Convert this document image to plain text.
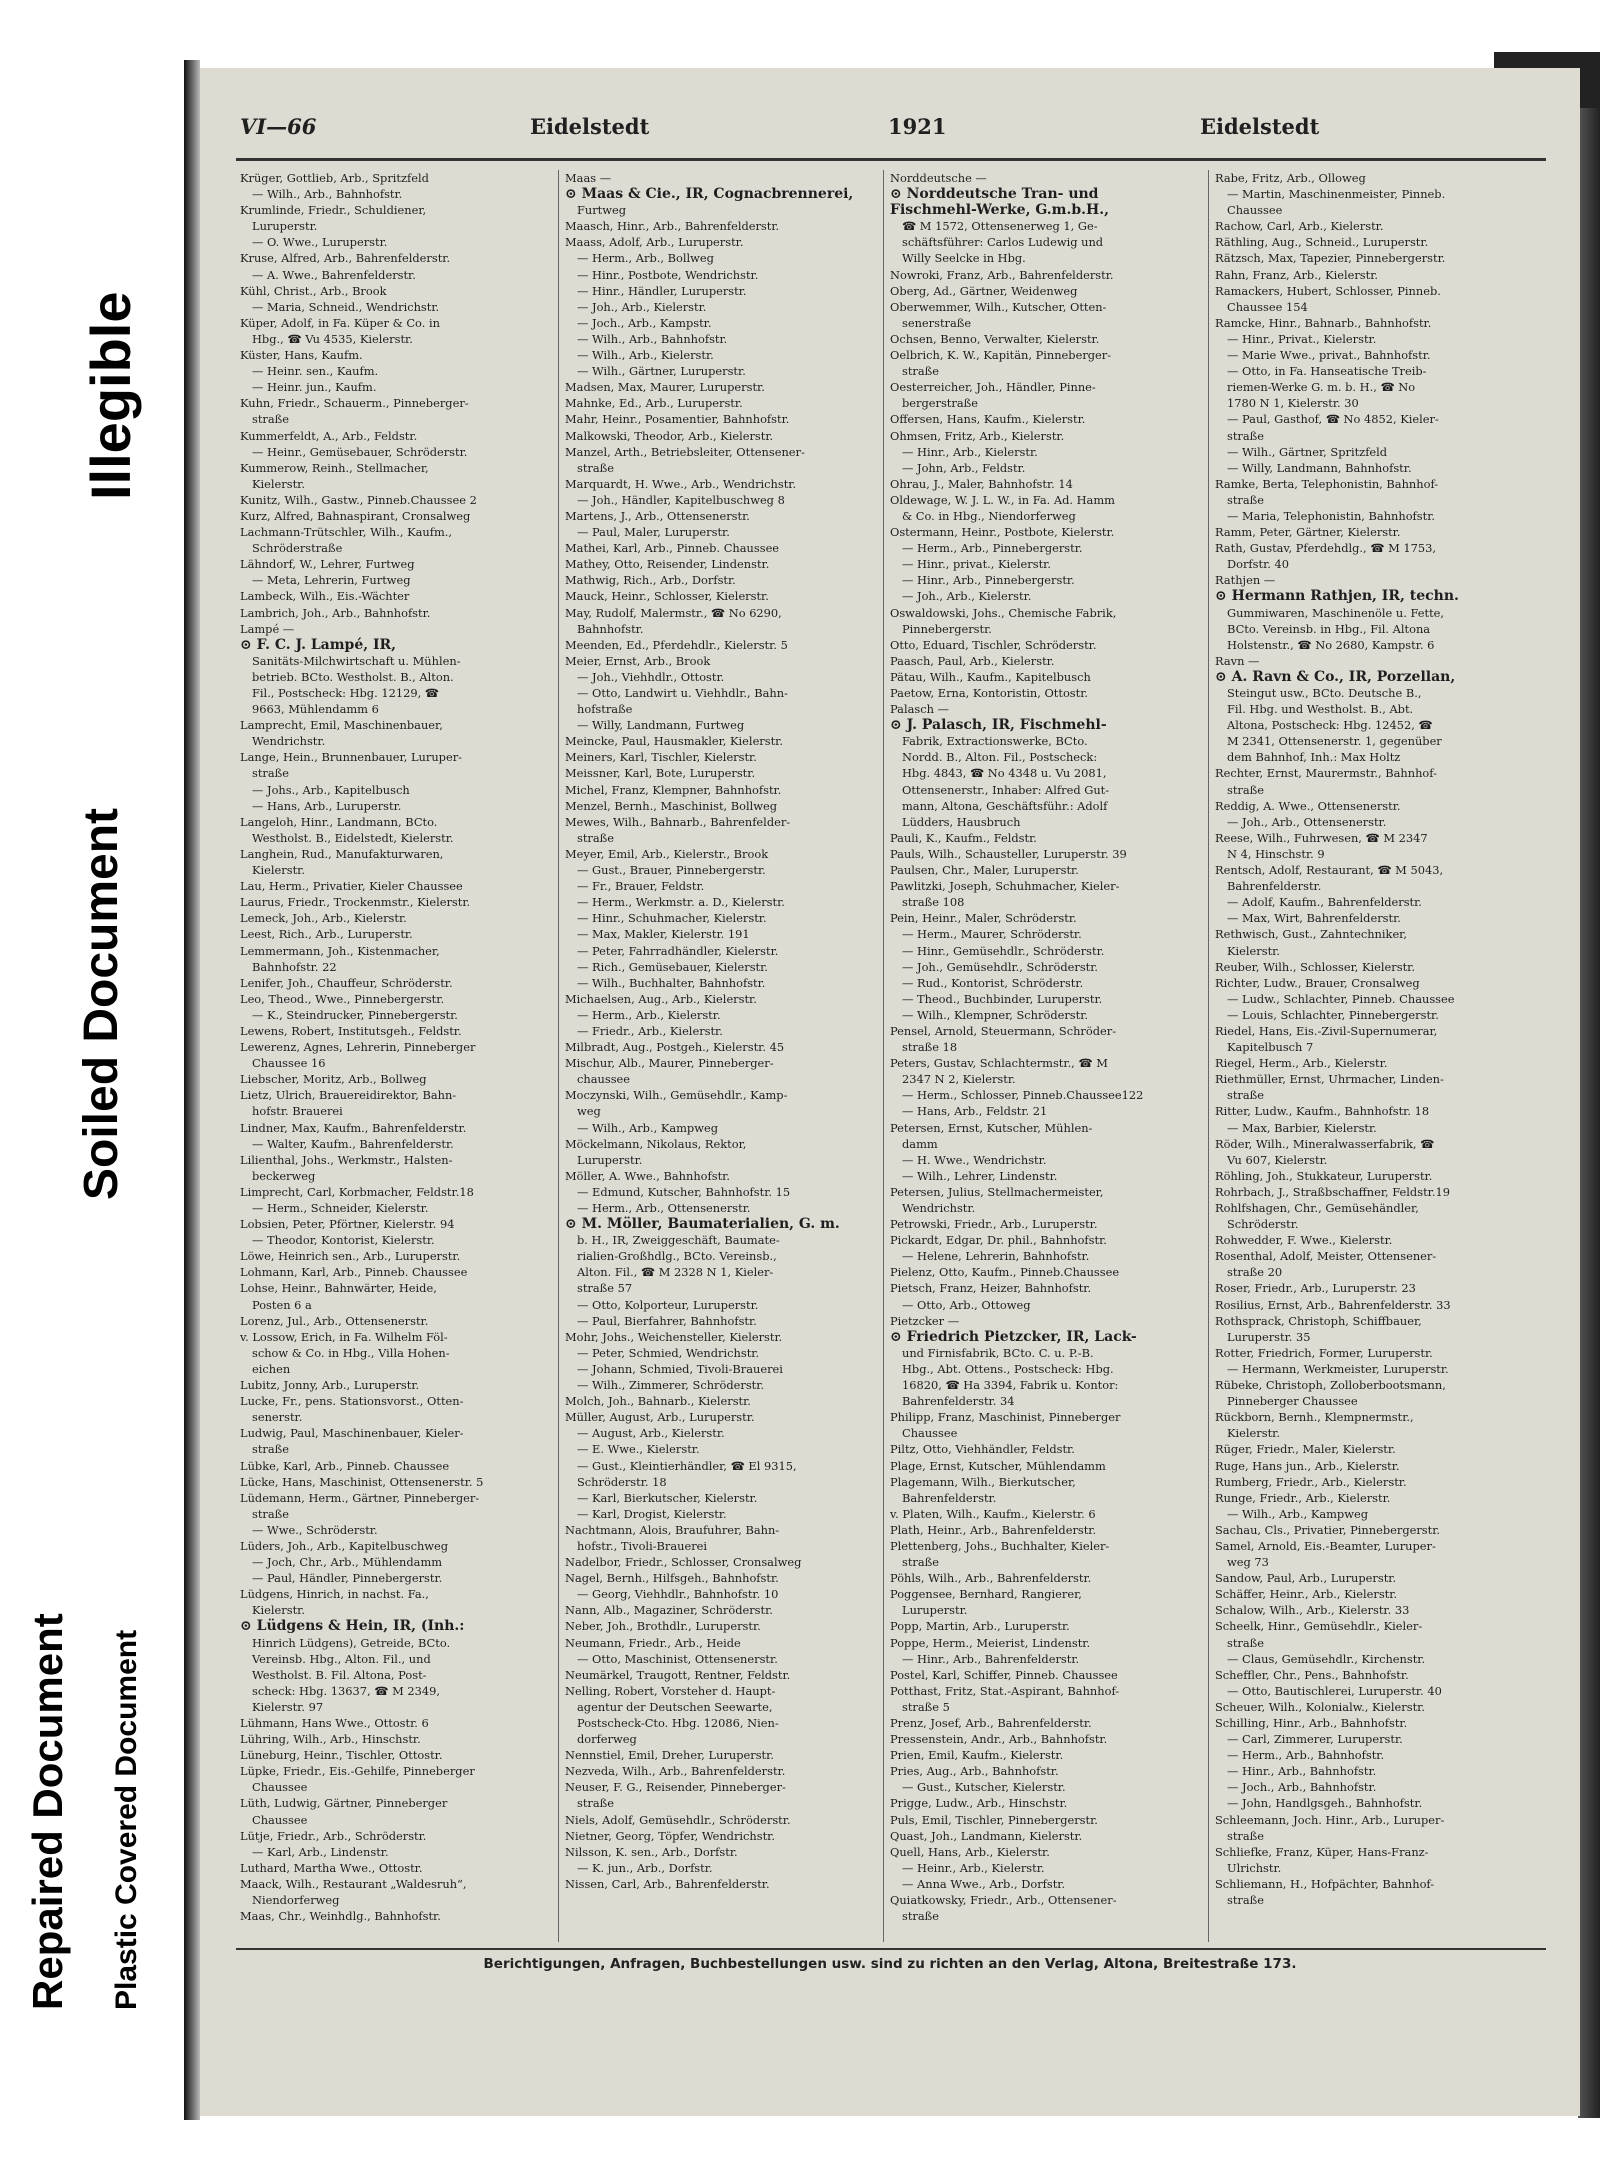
Illegible
Soiled Document
Repaired Document Plastic Covered Document
VI—66	Eidelstedt	1921	Eidelstedt
Krüger, Gottlieb, Arb., Spritzfeld
— Wilh., Arb., Bahnhofstr.
Krumlinde, Friedr., Schuldiener,
Luruperstr.
— O. Wwe., Luruperstr.
Kruse, Alfred, Arb., Bahrenfelderstr.
— A. Wwe., Bahrenfelderstr.
Kühl, Christ., Arb., Brook
— Maria, Schneid., Wendrichstr.
Küper, Adolf, in Fa. Küper & Co. in
Hbg., ☎ Vu 4535, Kielerstr.
Küster, Hans, Kaufm.
— Heinr. sen., Kaufm.
— Heinr. jun., Kaufm.
Kuhn, Friedr., Schauerm., Pinneberger-
straße
Kummerfeldt, A., Arb., Feldstr.
— Heinr., Gemüsebauer, Schröderstr.
Kummerow, Reinh., Stellmacher,
Kielerstr.
Kunitz, Wilh., Gastw., Pinneb.Chaussee 2
Kurz, Alfred, Bahnaspirant, Cronsalweg
Lachmann-Trütschler, Wilh., Kaufm.,
Schröderstraße
Lähndorf, W., Lehrer, Furtweg
— Meta, Lehrerin, Furtweg
Lambeck, Wilh., Eis.-Wächter
Lambrich, Joh., Arb., Bahnhofstr.
Lampé —
⊙ F. C. J. Lampé, IR,
Sanitäts-Milchwirtschaft u. Mühlen-
betrieb. BCto. Westholst. B., Alton.
Fil., Postscheck: Hbg. 12129, ☎
9663, Mühlendamm 6
Lamprecht, Emil, Maschinenbauer,
Wendrichstr.
Lange, Hein., Brunnenbauer, Luruper-
straße
— Johs., Arb., Kapitelbusch
— Hans, Arb., Luruperstr.
Langeloh, Hinr., Landmann, BCto.
Westholst. B., Eidelstedt, Kielerstr.
Langhein, Rud., Manufakturwaren,
Kielerstr.
Lau, Herm., Privatier, Kieler Chaussee
Laurus, Friedr., Trockenmstr., Kielerstr.
Lemeck, Joh., Arb., Kielerstr.
Leest, Rich., Arb., Luruperstr.
Lemmermann, Joh., Kistenmacher,
Bahnhofstr. 22
Lenifer, Joh., Chauffeur, Schröderstr.
Leo, Theod., Wwe., Pinnebergerstr.
— K., Steindrucker, Pinnebergerstr.
Lewens, Robert, Institutsgeh., Feldstr.
Lewerenz, Agnes, Lehrerin, Pinneberger
Chaussee 16
Liebscher, Moritz, Arb., Bollweg
Lietz, Ulrich, Brauereidirektor, Bahn-
hofstr. Brauerei
Lindner, Max, Kaufm., Bahrenfelderstr.
— Walter, Kaufm., Bahrenfelderstr.
Lilienthal, Johs., Werkmstr., Halsten-
beckerweg
Limprecht, Carl, Korbmacher, Feldstr.18
— Herm., Schneider, Kielerstr.
Lobsien, Peter, Pförtner, Kielerstr. 94
— Theodor, Kontorist, Kielerstr.
Löwe, Heinrich sen., Arb., Luruperstr.
Lohmann, Karl, Arb., Pinneb. Chaussee
Lohse, Heinr., Bahnwärter, Heide,
Posten 6 a
Lorenz, Jul., Arb., Ottensenerstr.
v. Lossow, Erich, in Fa. Wilhelm Föl-
schow & Co. in Hbg., Villa Hohen-
eichen
Lubitz, Jonny, Arb., Luruperstr.
Lucke, Fr., pens. Stationsvorst., Otten-
senerstr.
Ludwig, Paul, Maschinenbauer, Kieler-
straße
Lübke, Karl, Arb., Pinneb. Chaussee
Lücke, Hans, Maschinist, Ottensenerstr. 5
Lüdemann, Herm., Gärtner, Pinneberger-
straße
— Wwe., Schröderstr.
Lüders, Joh., Arb., Kapitelbuschweg
— Joch, Chr., Arb., Mühlendamm
— Paul, Händler, Pinnebergerstr.
Lüdgens, Hinrich, in nachst. Fa.,
Kielerstr.
⊙ Lüdgens & Hein, IR, (Inh.:
Hinrich Lüdgens), Getreide, BCto.
Vereinsb. Hbg., Alton. Fil., und
Westholst. B. Fil. Altona, Post-
scheck: Hbg. 13637, ☎ M 2349,
Kielerstr. 97
Lühmann, Hans Wwe., Ottostr. 6
Lühring, Wilh., Arb., Hinschstr.
Lüneburg, Heinr., Tischler, Ottostr.
Lüpke, Friedr., Eis.-Gehilfe, Pinneberger
Chaussee
Lüth, Ludwig, Gärtner, Pinneberger
Chaussee
Lütje, Friedr., Arb., Schröderstr.
— Karl, Arb., Lindenstr.
Luthard, Martha Wwe., Ottostr.
Maack, Wilh., Restaurant „Waldesruh“,
Niendorferweg
Maas, Chr., Weinhdlg., Bahnhofstr.
Maas —
⊙ Maas & Cie., IR, Cognacbrennerei,
Furtweg
Maasch, Hinr., Arb., Bahrenfelderstr.
Maass, Adolf, Arb., Luruperstr.
— Herm., Arb., Bollweg
— Hinr., Postbote, Wendrichstr.
— Hinr., Händler, Luruperstr.
— Joh., Arb., Kielerstr.
— Joch., Arb., Kampstr.
— Wilh., Arb., Bahnhofstr.
— Wilh., Arb., Kielerstr.
— Wilh., Gärtner, Luruperstr.
Madsen, Max, Maurer, Luruperstr.
Mahnke, Ed., Arb., Luruperstr.
Mahr, Heinr., Posamentier, Bahnhofstr.
Malkowski, Theodor, Arb., Kielerstr.
Manzel, Arth., Betriebsleiter, Ottensener-
straße
Marquardt, H. Wwe., Arb., Wendrichstr.
— Joh., Händler, Kapitelbuschweg 8
Martens, J., Arb., Ottensenerstr.
— Paul, Maler, Luruperstr.
Mathei, Karl, Arb., Pinneb. Chaussee
Mathey, Otto, Reisender, Lindenstr.
Mathwig, Rich., Arb., Dorfstr.
Mauck, Heinr., Schlosser, Kielerstr.
May, Rudolf, Malermstr., ☎ No 6290,
Bahnhofstr.
Meenden, Ed., Pferdehdlr., Kielerstr. 5
Meier, Ernst, Arb., Brook
— Joh., Viehhdlr., Ottostr.
— Otto, Landwirt u. Viehhdlr., Bahn-
hofstraße
— Willy, Landmann, Furtweg
Meincke, Paul, Hausmakler, Kielerstr.
Meiners, Karl, Tischler, Kielerstr.
Meissner, Karl, Bote, Luruperstr.
Michel, Franz, Klempner, Bahnhofstr.
Menzel, Bernh., Maschinist, Bollweg
Mewes, Wilh., Bahnarb., Bahrenfelder-
straße
Meyer, Emil, Arb., Kielerstr., Brook
— Gust., Brauer, Pinnebergerstr.
— Fr., Brauer, Feldstr.
— Herm., Werkmstr. a. D., Kielerstr.
— Hinr., Schuhmacher, Kielerstr.
— Max, Makler, Kielerstr. 191
— Peter, Fahrradhändler, Kielerstr.
— Rich., Gemüsebauer, Kielerstr.
— Wilh., Buchhalter, Bahnhofstr.
Michaelsen, Aug., Arb., Kielerstr.
— Herm., Arb., Kielerstr.
— Friedr., Arb., Kielerstr.
Milbradt, Aug., Postgeh., Kielerstr. 45
Mischur, Alb., Maurer, Pinneberger-
chaussee
Moczynski, Wilh., Gemüsehdlr., Kamp-
weg
— Wilh., Arb., Kampweg
Möckelmann, Nikolaus, Rektor,
Luruperstr.
Möller, A. Wwe., Bahnhofstr.
— Edmund, Kutscher, Bahnhofstr. 15
— Herm., Arb., Ottensenerstr.
⊙ M. Möller, Baumaterialien, G. m.
b. H., IR, Zweiggeschäft, Baumate-
rialien-Großhdlg., BCto. Vereinsb.,
Alton. Fil., ☎ M 2328 N 1, Kieler-
straße 57
— Otto, Kolporteur, Luruperstr.
— Paul, Bierfahrer, Bahnhofstr.
Mohr, Johs., Weichensteller, Kielerstr.
— Peter, Schmied, Wendrichstr.
— Johann, Schmied, Tivoli-Brauerei
— Wilh., Zimmerer, Schröderstr.
Molch, Joh., Bahnarb., Kielerstr.
Müller, August, Arb., Luruperstr.
— August, Arb., Kielerstr.
— E. Wwe., Kielerstr.
— Gust., Kleintierhändler, ☎ El 9315,
Schröderstr. 18
— Karl, Bierkutscher, Kielerstr.
— Karl, Drogist, Kielerstr.
Nachtmann, Alois, Braufuhrer, Bahn-
hofstr., Tivoli-Brauerei
Nadelbor, Friedr., Schlosser, Cronsalweg
Nagel, Bernh., Hilfsgeh., Bahnhofstr.
— Georg, Viehhdlr., Bahnhofstr. 10
Nann, Alb., Magaziner, Schröderstr.
Neber, Joh., Brothdlr., Luruperstr.
Neumann, Friedr., Arb., Heide
— Otto, Maschinist, Ottensenerstr.
Neumärkel, Traugott, Rentner, Feldstr.
Nelling, Robert, Vorsteher d. Haupt-
agentur der Deutschen Seewarte,
Postscheck-Cto. Hbg. 12086, Nien-
dorferweg
Nennstiel, Emil, Dreher, Luruperstr.
Nezveda, Wilh., Arb., Bahrenfelderstr.
Neuser, F. G., Reisender, Pinneberger-
straße
Niels, Adolf, Gemüsehdlr., Schröderstr.
Nietner, Georg, Töpfer, Wendrichstr.
Nilsson, K. sen., Arb., Dorfstr.
— K. jun., Arb., Dorfstr.
Nissen, Carl, Arb., Bahrenfelderstr.
Norddeutsche —
⊙ Norddeutsche Tran- und
Fischmehl-Werke, G.m.b.H.,
☎ M 1572, Ottensenerweg 1, Ge-
schäftsführer: Carlos Ludewig und
Willy Seelcke in Hbg.
Nowroki, Franz, Arb., Bahrenfelderstr.
Oberg, Ad., Gärtner, Weidenweg
Oberwemmer, Wilh., Kutscher, Otten-
senerstraße
Ochsen, Benno, Verwalter, Kielerstr.
Oelbrich, K. W., Kapitän, Pinneberger-
straße
Oesterreicher, Joh., Händler, Pinne-
bergerstraße
Offersen, Hans, Kaufm., Kielerstr.
Ohmsen, Fritz, Arb., Kielerstr.
— Hinr., Arb., Kielerstr.
— John, Arb., Feldstr.
Ohrau, J., Maler, Bahnhofstr. 14
Oldewage, W. J. L. W., in Fa. Ad. Hamm
& Co. in Hbg., Niendorferweg
Ostermann, Heinr., Postbote, Kielerstr.
— Herm., Arb., Pinnebergerstr.
— Hinr., privat., Kielerstr.
— Hinr., Arb., Pinnebergerstr.
— Joh., Arb., Kielerstr.
Oswaldowski, Johs., Chemische Fabrik,
Pinnebergerstr.
Otto, Eduard, Tischler, Schröderstr.
Paasch, Paul, Arb., Kielerstr.
Pätau, Wilh., Kaufm., Kapitelbusch
Paetow, Erna, Kontoristin, Ottostr.
Palasch —
⊙ J. Palasch, IR, Fischmehl-
Fabrik, Extractionswerke, BCto.
Nordd. B., Alton. Fil., Postscheck:
Hbg. 4843, ☎ No 4348 u. Vu 2081,
Ottensenerstr., Inhaber: Alfred Gut-
mann, Altona, Geschäftsführ.: Adolf
Lüdders, Hausbruch
Pauli, K., Kaufm., Feldstr.
Pauls, Wilh., Schausteller, Luruperstr. 39
Paulsen, Chr., Maler, Luruperstr.
Pawlitzki, Joseph, Schuhmacher, Kieler-
straße 108
Pein, Heinr., Maler, Schröderstr.
— Herm., Maurer, Schröderstr.
— Hinr., Gemüsehdlr., Schröderstr.
— Joh., Gemüsehdlr., Schröderstr.
— Rud., Kontorist, Schröderstr.
— Theod., Buchbinder, Luruperstr.
— Wilh., Klempner, Schröderstr.
Pensel, Arnold, Steuermann, Schröder-
straße 18
Peters, Gustav, Schlachtermstr., ☎ M
2347 N 2, Kielerstr.
— Herm., Schlosser, Pinneb.Chaussee122
— Hans, Arb., Feldstr. 21
Petersen, Ernst, Kutscher, Mühlen-
damm
— H. Wwe., Wendrichstr.
— Wilh., Lehrer, Lindenstr.
Petersen, Julius, Stellmachermeister,
Wendrichstr.
Petrowski, Friedr., Arb., Luruperstr.
Pickardt, Edgar, Dr. phil., Bahnhofstr.
— Helene, Lehrerin, Bahnhofstr.
Pielenz, Otto, Kaufm., Pinneb.Chaussee
Pietsch, Franz, Heizer, Bahnhofstr.
— Otto, Arb., Ottoweg
Pietzcker —
⊙ Friedrich Pietzcker, IR, Lack-
und Firnisfabrik, BCto. C. u. P.-B.
Hbg., Abt. Ottens., Postscheck: Hbg.
16820, ☎ Ha 3394, Fabrik u. Kontor:
Bahrenfelderstr. 34
Philipp, Franz, Maschinist, Pinneberger
Chaussee
Piltz, Otto, Viehhändler, Feldstr.
Plage, Ernst, Kutscher, Mühlendamm
Plagemann, Wilh., Bierkutscher,
Bahrenfelderstr.
v. Platen, Wilh., Kaufm., Kielerstr. 6
Plath, Heinr., Arb., Bahrenfelderstr.
Plettenberg, Johs., Buchhalter, Kieler-
straße
Pöhls, Wilh., Arb., Bahrenfelderstr.
Poggensee, Bernhard, Rangierer,
Luruperstr.
Popp, Martin, Arb., Luruperstr.
Poppe, Herm., Meierist, Lindenstr.
— Hinr., Arb., Bahrenfelderstr.
Postel, Karl, Schiffer, Pinneb. Chaussee
Potthast, Fritz, Stat.-Aspirant, Bahnhof-
straße 5
Prenz, Josef, Arb., Bahrenfelderstr.
Pressenstein, Andr., Arb., Bahnhofstr.
Prien, Emil, Kaufm., Kielerstr.
Pries, Aug., Arb., Bahnhofstr.
— Gust., Kutscher, Kielerstr.
Prigge, Ludw., Arb., Hinschstr.
Puls, Emil, Tischler, Pinnebergerstr.
Quast, Joh., Landmann, Kielerstr.
Quell, Hans, Arb., Kielerstr.
— Heinr., Arb., Kielerstr.
— Anna Wwe., Arb., Dorfstr.
Quiatkowsky, Friedr., Arb., Ottensener-
straße
Rabe, Fritz, Arb., Olloweg
— Martin, Maschinenmeister, Pinneb.
Chaussee
Rachow, Carl, Arb., Kielerstr.
Räthling, Aug., Schneid., Luruperstr.
Rätzsch, Max, Tapezier, Pinnebergerstr.
Rahn, Franz, Arb., Kielerstr.
Ramackers, Hubert, Schlosser, Pinneb.
Chaussee 154
Ramcke, Hinr., Bahnarb., Bahnhofstr.
— Hinr., Privat., Kielerstr.
— Marie Wwe., privat., Bahnhofstr.
— Otto, in Fa. Hanseatische Treib-
riemen-Werke G. m. b. H., ☎ No
1780 N 1, Kielerstr. 30
— Paul, Gasthof, ☎ No 4852, Kieler-
straße
— Wilh., Gärtner, Spritzfeld
— Willy, Landmann, Bahnhofstr.
Ramke, Berta, Telephonistin, Bahnhof-
straße
— Maria, Telephonistin, Bahnhofstr.
Ramm, Peter, Gärtner, Kielerstr.
Rath, Gustav, Pferdehdlg., ☎ M 1753,
Dorfstr. 40
Rathjen —
⊙ Hermann Rathjen, IR, techn.
Gummiwaren, Maschinenöle u. Fette,
BCto. Vereinsb. in Hbg., Fil. Altona
Holstenstr., ☎ No 2680, Kampstr. 6
Ravn —
⊙ A. Ravn & Co., IR, Porzellan,
Steingut usw., BCto. Deutsche B.,
Fil. Hbg. und Westholst. B., Abt.
Altona, Postscheck: Hbg. 12452, ☎
M 2341, Ottensenerstr. 1, gegenüber
dem Bahnhof, Inh.: Max Holtz
Rechter, Ernst, Maurermstr., Bahnhof-
straße
Reddig, A. Wwe., Ottensenerstr.
— Joh., Arb., Ottensenerstr.
Reese, Wilh., Fuhrwesen, ☎ M 2347
N 4, Hinschstr. 9
Rentsch, Adolf, Restaurant, ☎ M 5043,
Bahrenfelderstr.
— Adolf, Kaufm., Bahrenfelderstr.
— Max, Wirt, Bahrenfelderstr.
Rethwisch, Gust., Zahntechniker,
Kielerstr.
Reuber, Wilh., Schlosser, Kielerstr.
Richter, Ludw., Brauer, Cronsalweg
— Ludw., Schlachter, Pinneb. Chaussee
— Louis, Schlachter, Pinnebergerstr.
Riedel, Hans, Eis.-Zivil-Supernumerar,
Kapitelbusch 7
Riegel, Herm., Arb., Kielerstr.
Riethmüller, Ernst, Uhrmacher, Linden-
straße
Ritter, Ludw., Kaufm., Bahnhofstr. 18
— Max, Barbier, Kielerstr.
Röder, Wilh., Mineralwasserfabrik, ☎
Vu 607, Kielerstr.
Röhling, Joh., Stukkateur, Luruperstr.
Rohrbach, J., Straßbschaffner, Feldstr.19
Rohlfshagen, Chr., Gemüsehändler,
Schröderstr.
Rohwedder, F. Wwe., Kielerstr.
Rosenthal, Adolf, Meister, Ottensener-
straße 20
Roser, Friedr., Arb., Luruperstr. 23
Rosilius, Ernst, Arb., Bahrenfelderstr. 33
Rothsprack, Christoph, Schiffbauer,
Luruperstr. 35
Rotter, Friedrich, Former, Luruperstr.
— Hermann, Werkmeister, Luruperstr.
Rübeke, Christoph, Zolloberbootsmann,
Pinneberger Chaussee
Rückborn, Bernh., Klempnermstr.,
Kielerstr.
Rüger, Friedr., Maler, Kielerstr.
Ruge, Hans jun., Arb., Kielerstr.
Rumberg, Friedr., Arb., Kielerstr.
Runge, Friedr., Arb., Kielerstr.
— Wilh., Arb., Kampweg
Sachau, Cls., Privatier, Pinnebergerstr.
Samel, Arnold, Eis.-Beamter, Luruper-
weg 73
Sandow, Paul, Arb., Luruperstr.
Schäffer, Heinr., Arb., Kielerstr.
Schalow, Wilh., Arb., Kielerstr. 33
Scheelk, Hinr., Gemüsehdlr., Kieler-
straße
— Claus, Gemüsehdlr., Kirchenstr.
Scheffler, Chr., Pens., Bahnhofstr.
— Otto, Bautischlerei, Luruperstr. 40
Scheuer, Wilh., Kolonialw., Kielerstr.
Schilling, Hinr., Arb., Bahnhofstr.
— Carl, Zimmerer, Luruperstr.
— Herm., Arb., Bahnhofstr.
— Hinr., Arb., Bahnhofstr.
— Joch., Arb., Bahnhofstr.
— John, Handlgsgeh., Bahnhofstr.
Schleemann, Joch. Hinr., Arb., Luruper-
straße
Schliefke, Franz, Küper, Hans-Franz-
Ulrichstr.
Schliemann, H., Hofpächter, Bahnhof-
straße
Berichtigungen, Anfragen, Buchbestellungen usw. sind zu richten an den Verlag, Altona, Breitestraße 173.
